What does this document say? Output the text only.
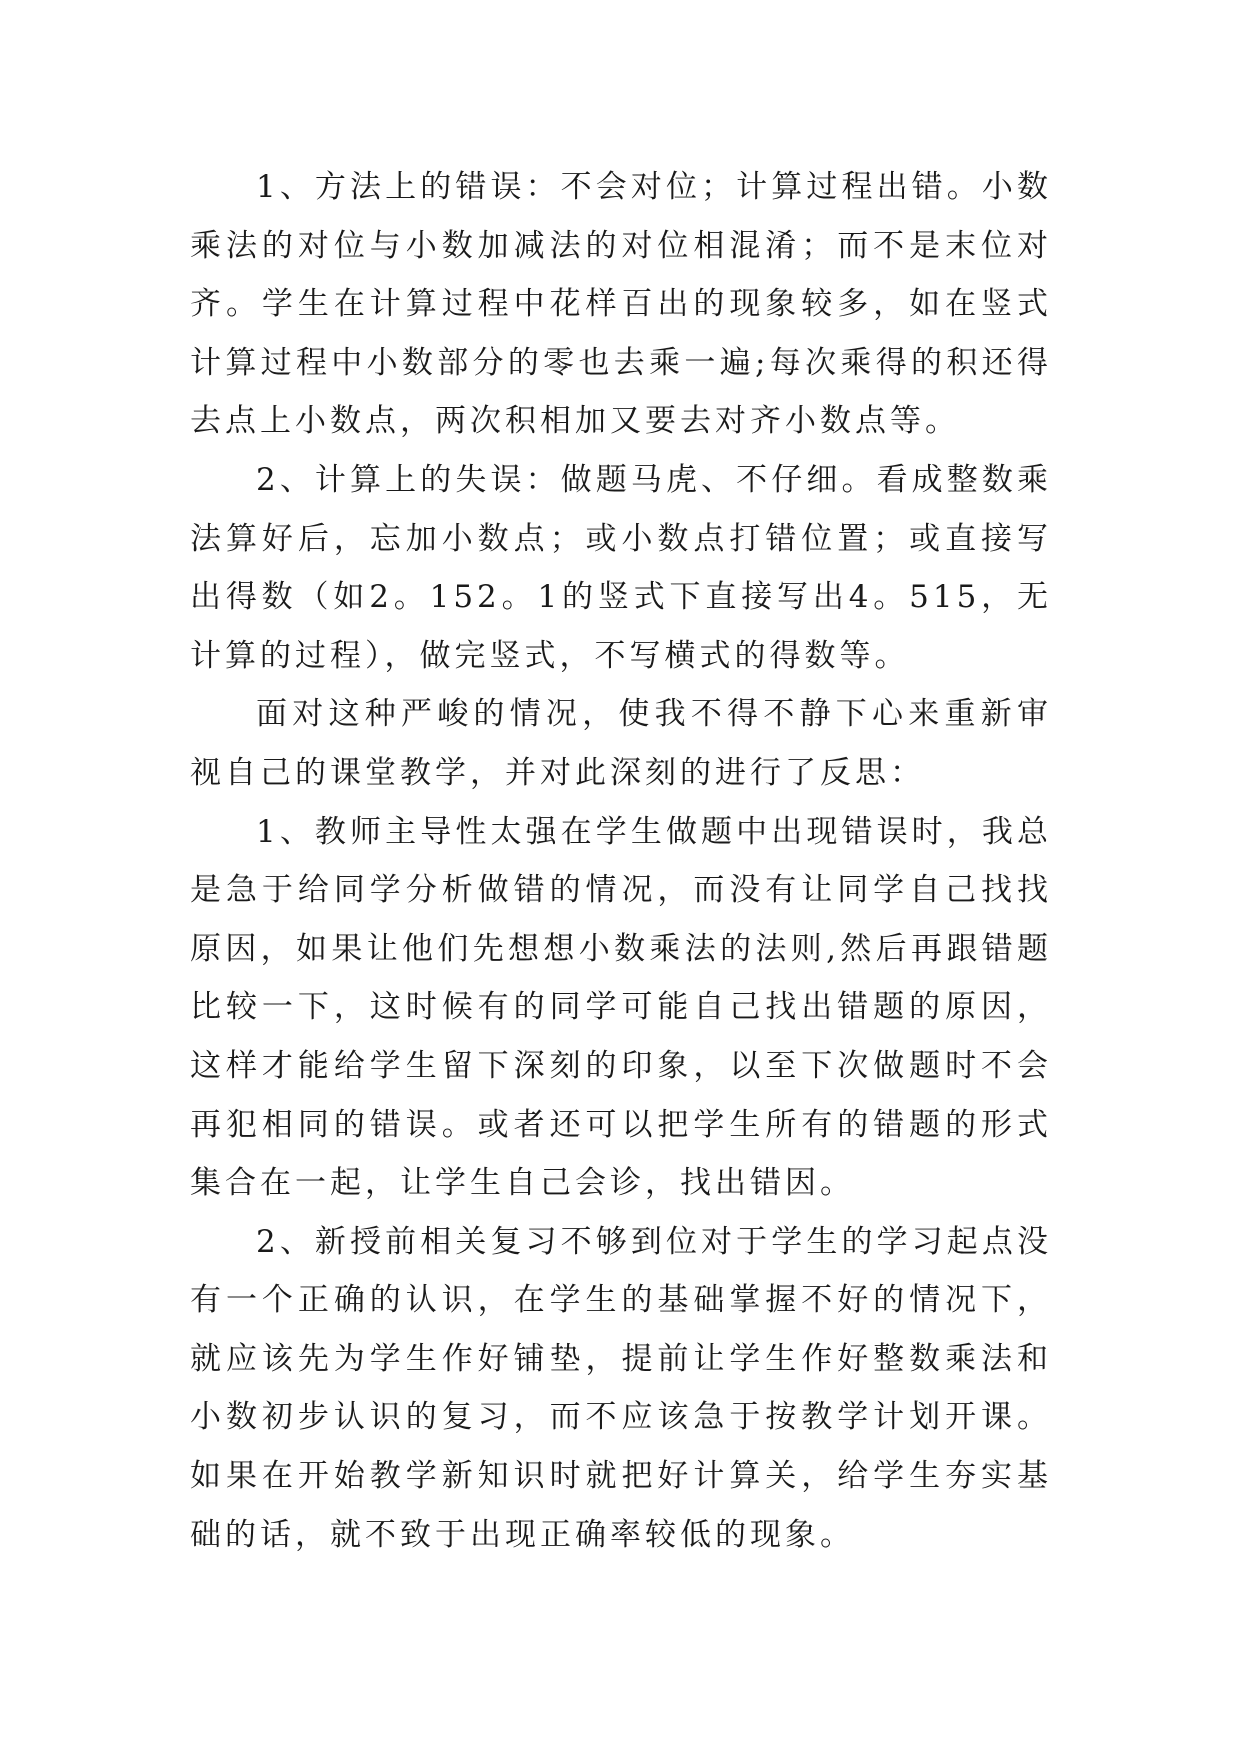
1、方法上的错误：不会对位；计算过程出错。小数乘法的对位与小数加减法的对位相混淆；而不是末位对齐。学生在计算过程中花样百出的现象较多，如在竖式计算过程中小数部分的零也去乘一遍;每次乘得的积还得去点上小数点，两次积相加又要去对齐小数点等。

2、计算上的失误：做题马虎、不仔细。看成整数乘法算好后，忘加小数点；或小数点打错位置；或直接写出得数（如2。152。1的竖式下直接写出4。515，无计算的过程），做完竖式，不写横式的得数等。

面对这种严峻的情况，使我不得不静下心来重新审视自己的课堂教学，并对此深刻的进行了反思：

1、教师主导性太强在学生做题中出现错误时，我总是急于给同学分析做错的情况，而没有让同学自己找找原因，如果让他们先想想小数乘法的法则,然后再跟错题比较一下，这时候有的同学可能自己找出错题的原因，这样才能给学生留下深刻的印象，以至下次做题时不会再犯相同的错误。或者还可以把学生所有的错题的形式集合在一起，让学生自己会诊，找出错因。

2、新授前相关复习不够到位对于学生的学习起点没有一个正确的认识，在学生的基础掌握不好的情况下，就应该先为学生作好铺垫，提前让学生作好整数乘法和小数初步认识的复习，而不应该急于按教学计划开课。如果在开始教学新知识时就把好计算关，给学生夯实基础的话，就不致于出现正确率较低的现象。
